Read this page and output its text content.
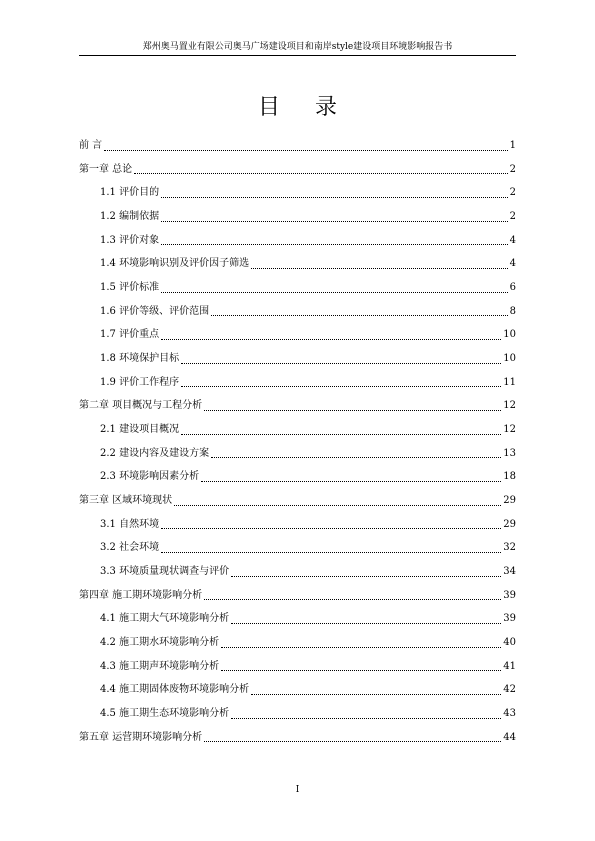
郑州奥马置业有限公司奥马广场建设项目和南岸style建设项目环境影响报告书
目 录
前 言	1
第一章 总论	2
1.1 评价目的	2
1.2 编制依据	2
1.3 评价对象	4
1.4 环境影响识别及评价因子筛选	4
1.5 评价标准	6
1.6 评价等级、评价范围	8
1.7 评价重点	10
1.8 环境保护目标	10
1.9 评价工作程序	11
第二章 项目概况与工程分析	12
2.1 建设项目概况	12
2.2 建设内容及建设方案	13
2.3 环境影响因素分析	18
第三章 区域环境现状	29
3.1 自然环境	29
3.2 社会环境	32
3.3 环境质量现状调查与评价	34
第四章 施工期环境影响分析	39
4.1 施工期大气环境影响分析	39
4.2 施工期水环境影响分析	40
4.3 施工期声环境影响分析	41
4.4 施工期固体废物环境影响分析	42
4.5 施工期生态环境影响分析	43
第五章 运营期环境影响分析	44
I
